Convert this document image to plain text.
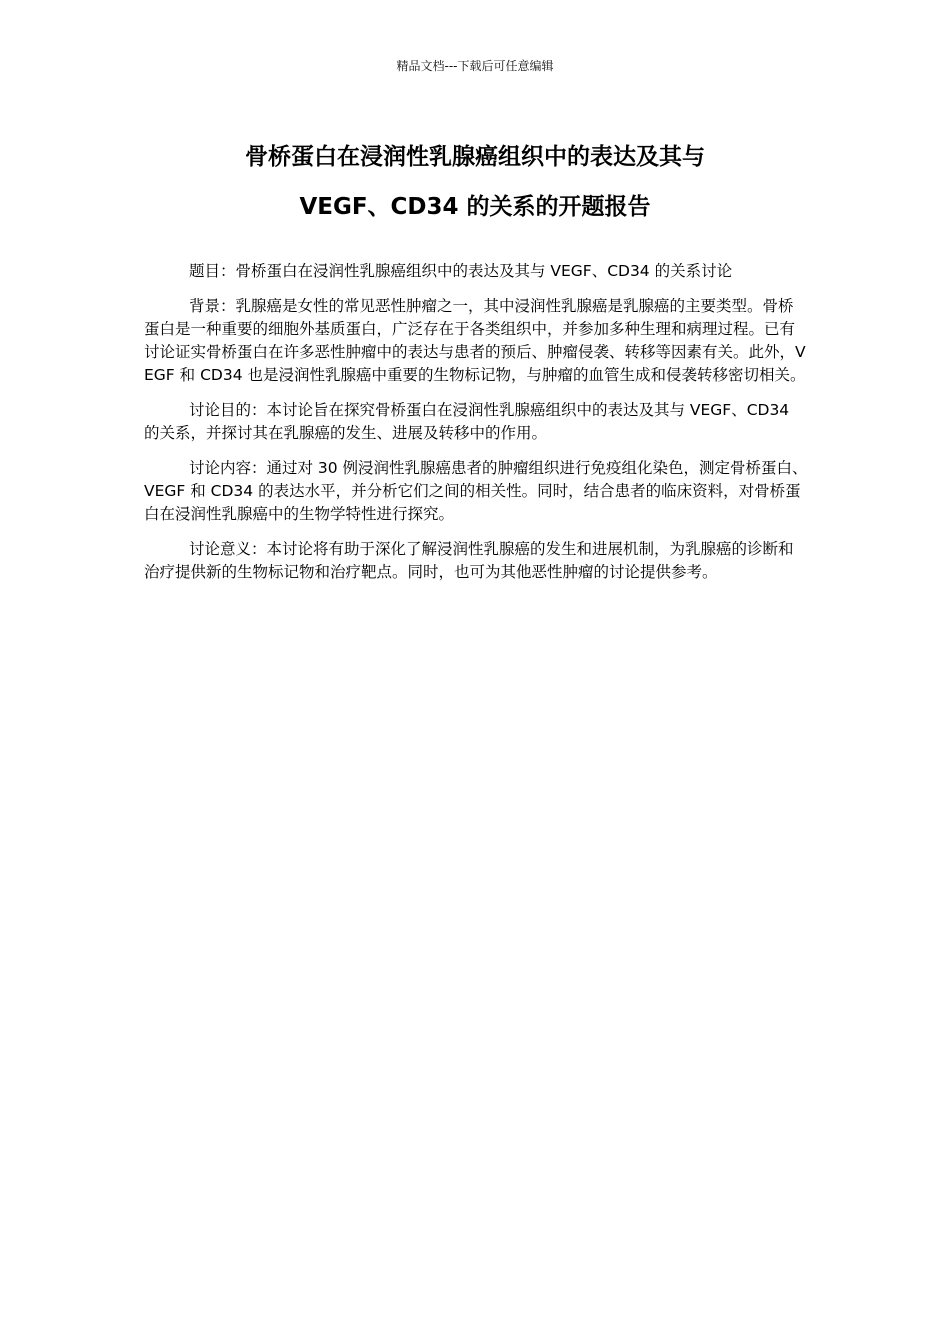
精品文档---下载后可任意编辑
骨桥蛋白在浸润性乳腺癌组织中的表达及其与
VEGF、CD34 的关系的开题报告

题目：骨桥蛋白在浸润性乳腺癌组织中的表达及其与 VEGF、CD34 的关系讨论

背景：乳腺癌是女性的常见恶性肿瘤之一，其中浸润性乳腺癌是乳腺癌的主要类型。骨桥蛋白是一种重要的细胞外基质蛋白，广泛存在于各类组织中，并参加多种生理和病理过程。已有讨论证实骨桥蛋白在许多恶性肿瘤中的表达与患者的预后、肿瘤侵袭、转移等因素有关。此外，VEGF 和 CD34 也是浸润性乳腺癌中重要的生物标记物，与肿瘤的血管生成和侵袭转移密切相关。

讨论目的：本讨论旨在探究骨桥蛋白在浸润性乳腺癌组织中的表达及其与 VEGF、CD34 的关系，并探讨其在乳腺癌的发生、进展及转移中的作用。

讨论内容：通过对 30 例浸润性乳腺癌患者的肿瘤组织进行免疫组化染色，测定骨桥蛋白、VEGF 和 CD34 的表达水平，并分析它们之间的相关性。同时，结合患者的临床资料，对骨桥蛋白在浸润性乳腺癌中的生物学特性进行探究。

讨论意义：本讨论将有助于深化了解浸润性乳腺癌的发生和进展机制，为乳腺癌的诊断和治疗提供新的生物标记物和治疗靶点。同时，也可为其他恶性肿瘤的讨论提供参考。
